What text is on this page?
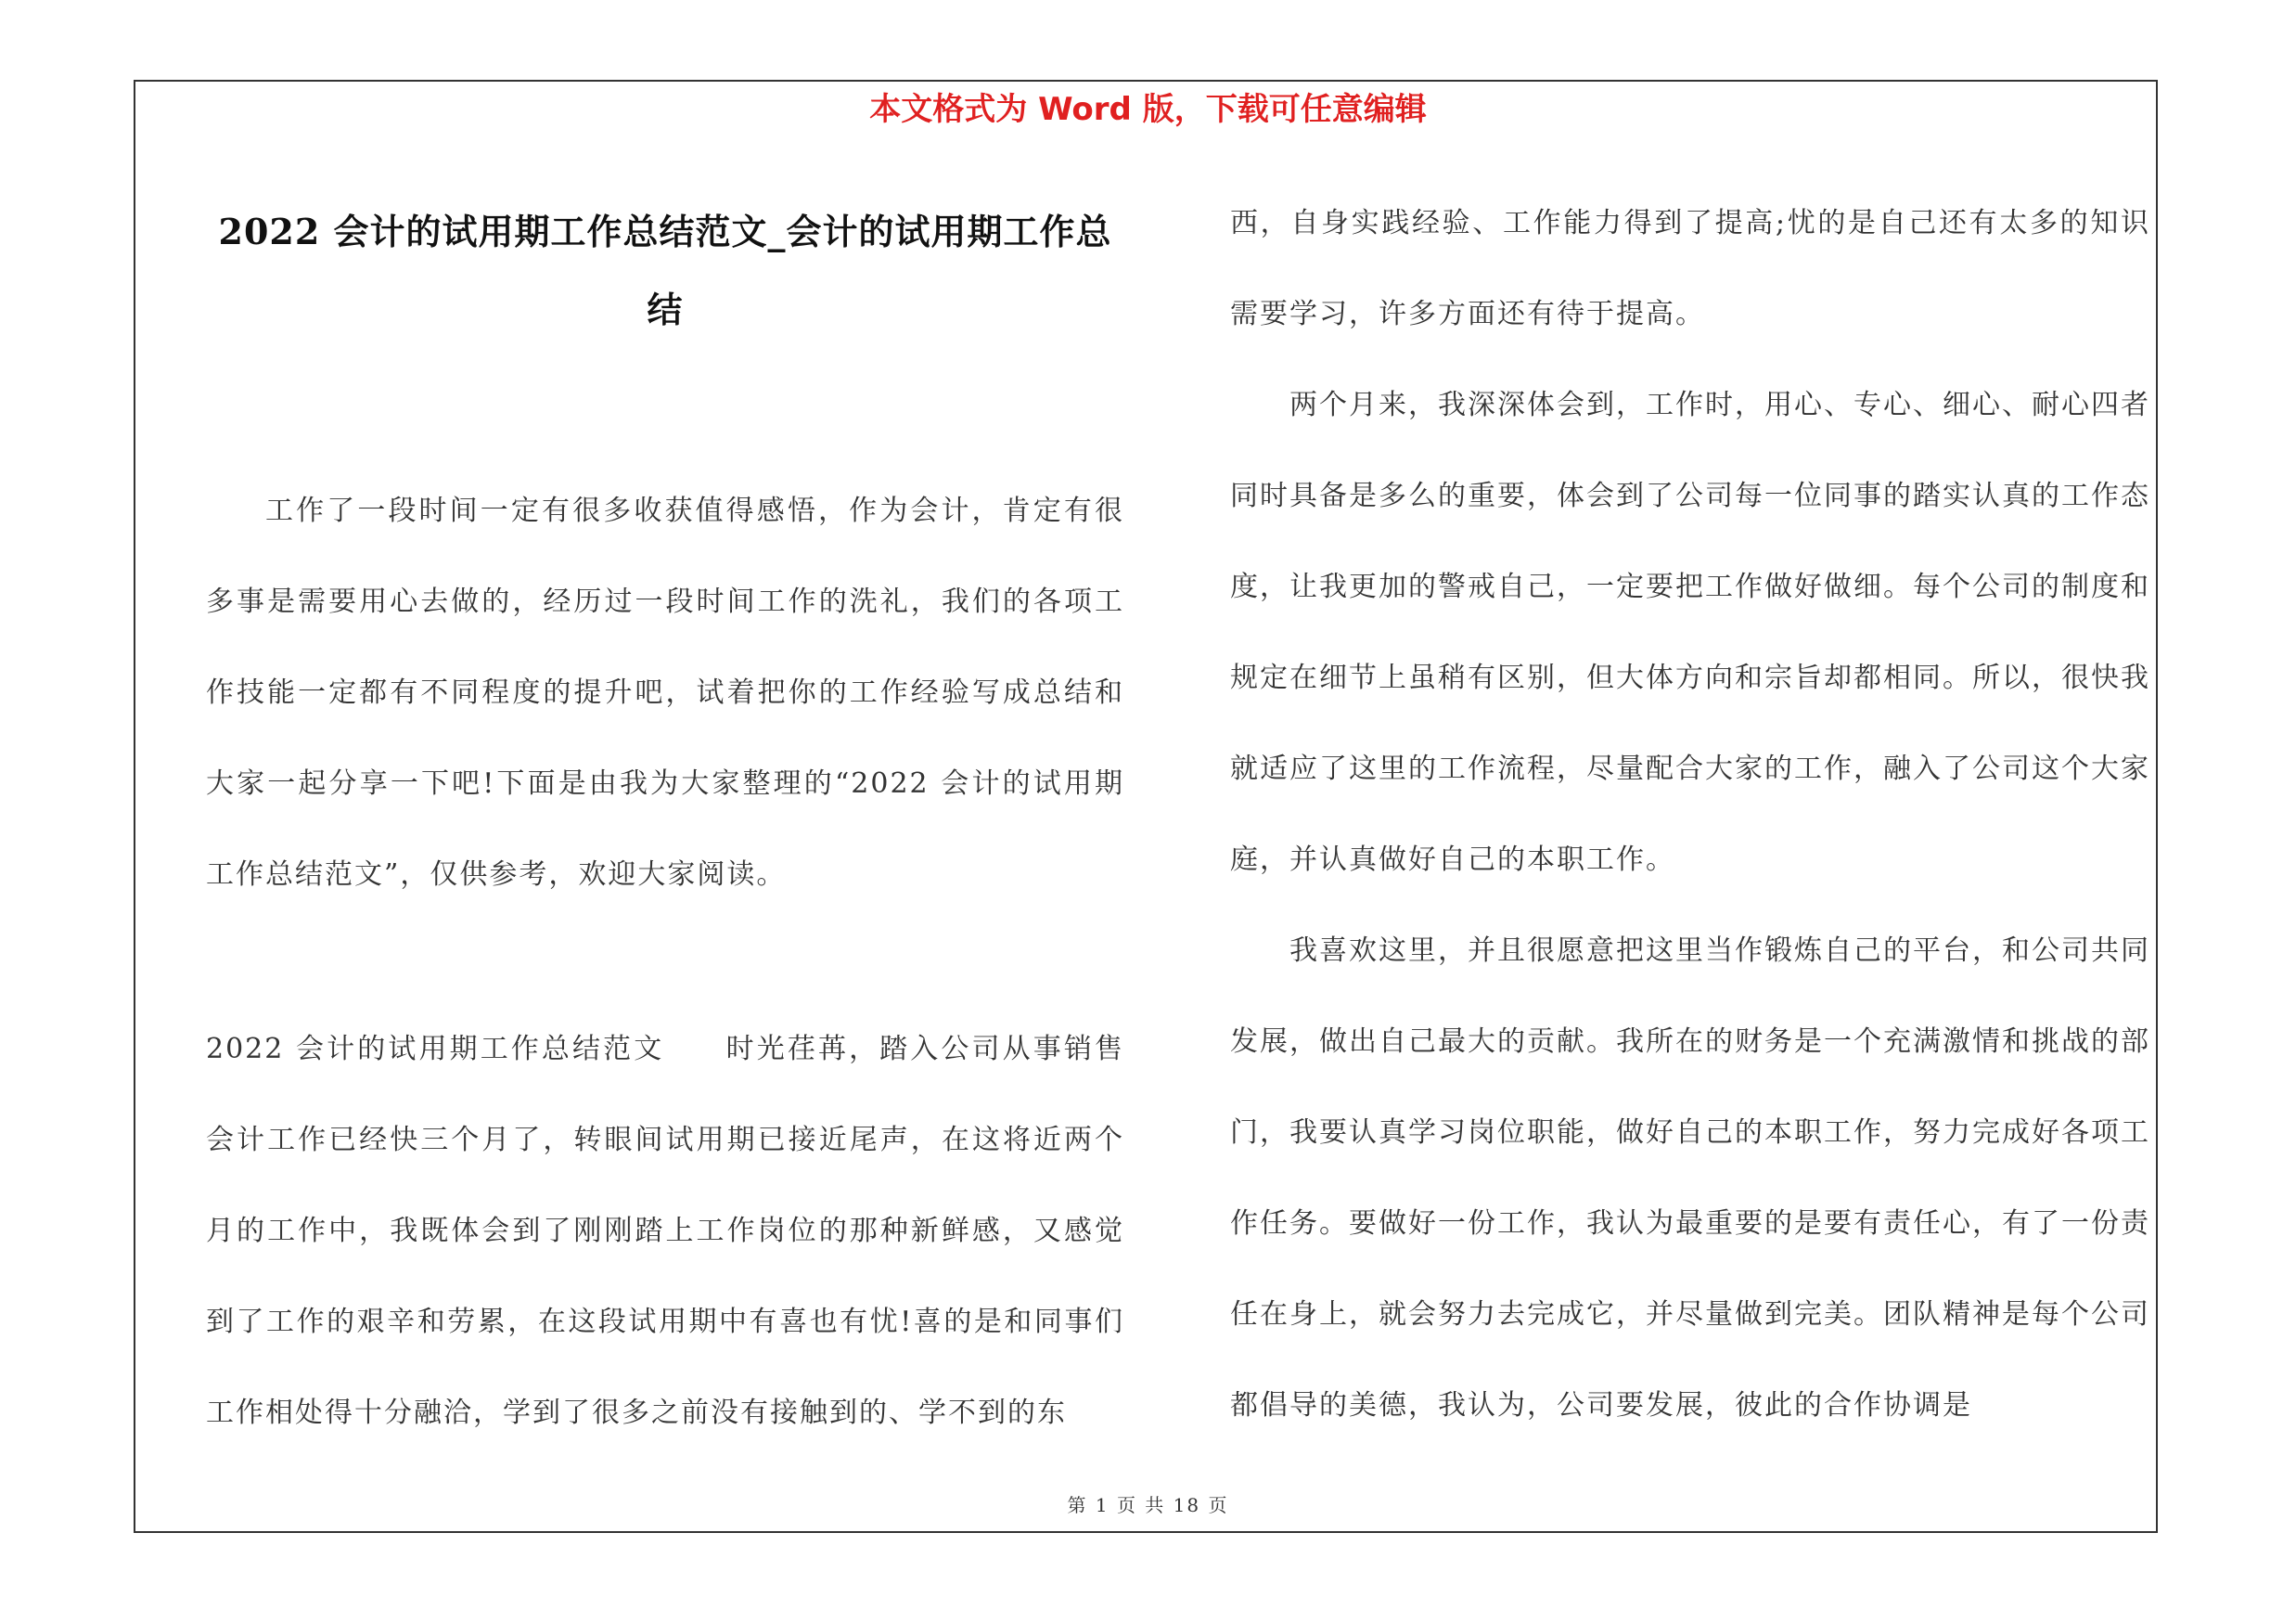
本文格式为 Word 版，下载可任意编辑
2022 会计的试用期工作总结范文_会计的试用期工作总结

工作了一段时间一定有很多收获值得感悟，作为会计，肯定有很多事是需要用心去做的，经历过一段时间工作的洗礼，我们的各项工作技能一定都有不同程度的提升吧，试着把你的工作经验写成总结和大家一起分享一下吧!下面是由我为大家整理的“2022 会计的试用期工作总结范文”，仅供参考，欢迎大家阅读。

2022 会计的试用期工作总结范文　　时光荏苒，踏入公司从事销售会计工作已经快三个月了，转眼间试用期已接近尾声，在这将近两个月的工作中，我既体会到了刚刚踏上工作岗位的那种新鲜感，又感觉到了工作的艰辛和劳累，在这段试用期中有喜也有忧!喜的是和同事们工作相处得十分融洽，学到了很多之前没有接触到的、学不到的东

西，自身实践经验、工作能力得到了提高;忧的是自己还有太多的知识需要学习，许多方面还有待于提高。

两个月来，我深深体会到，工作时，用心、专心、细心、耐心四者同时具备是多么的重要，体会到了公司每一位同事的踏实认真的工作态度，让我更加的警戒自己，一定要把工作做好做细。每个公司的制度和规定在细节上虽稍有区别，但大体方向和宗旨却都相同。所以，很快我就适应了这里的工作流程，尽量配合大家的工作，融入了公司这个大家庭，并认真做好自己的本职工作。

我喜欢这里，并且很愿意把这里当作锻炼自己的平台，和公司共同发展，做出自己最大的贡献。我所在的财务是一个充满激情和挑战的部门，我要认真学习岗位职能，做好自己的本职工作，努力完成好各项工作任务。要做好一份工作，我认为最重要的是要有责任心，有了一份责任在身上，就会努力去完成它，并尽量做到完美。团队精神是每个公司都倡导的美德，我认为，公司要发展，彼此的合作协调是

第 1 页 共 18 页
